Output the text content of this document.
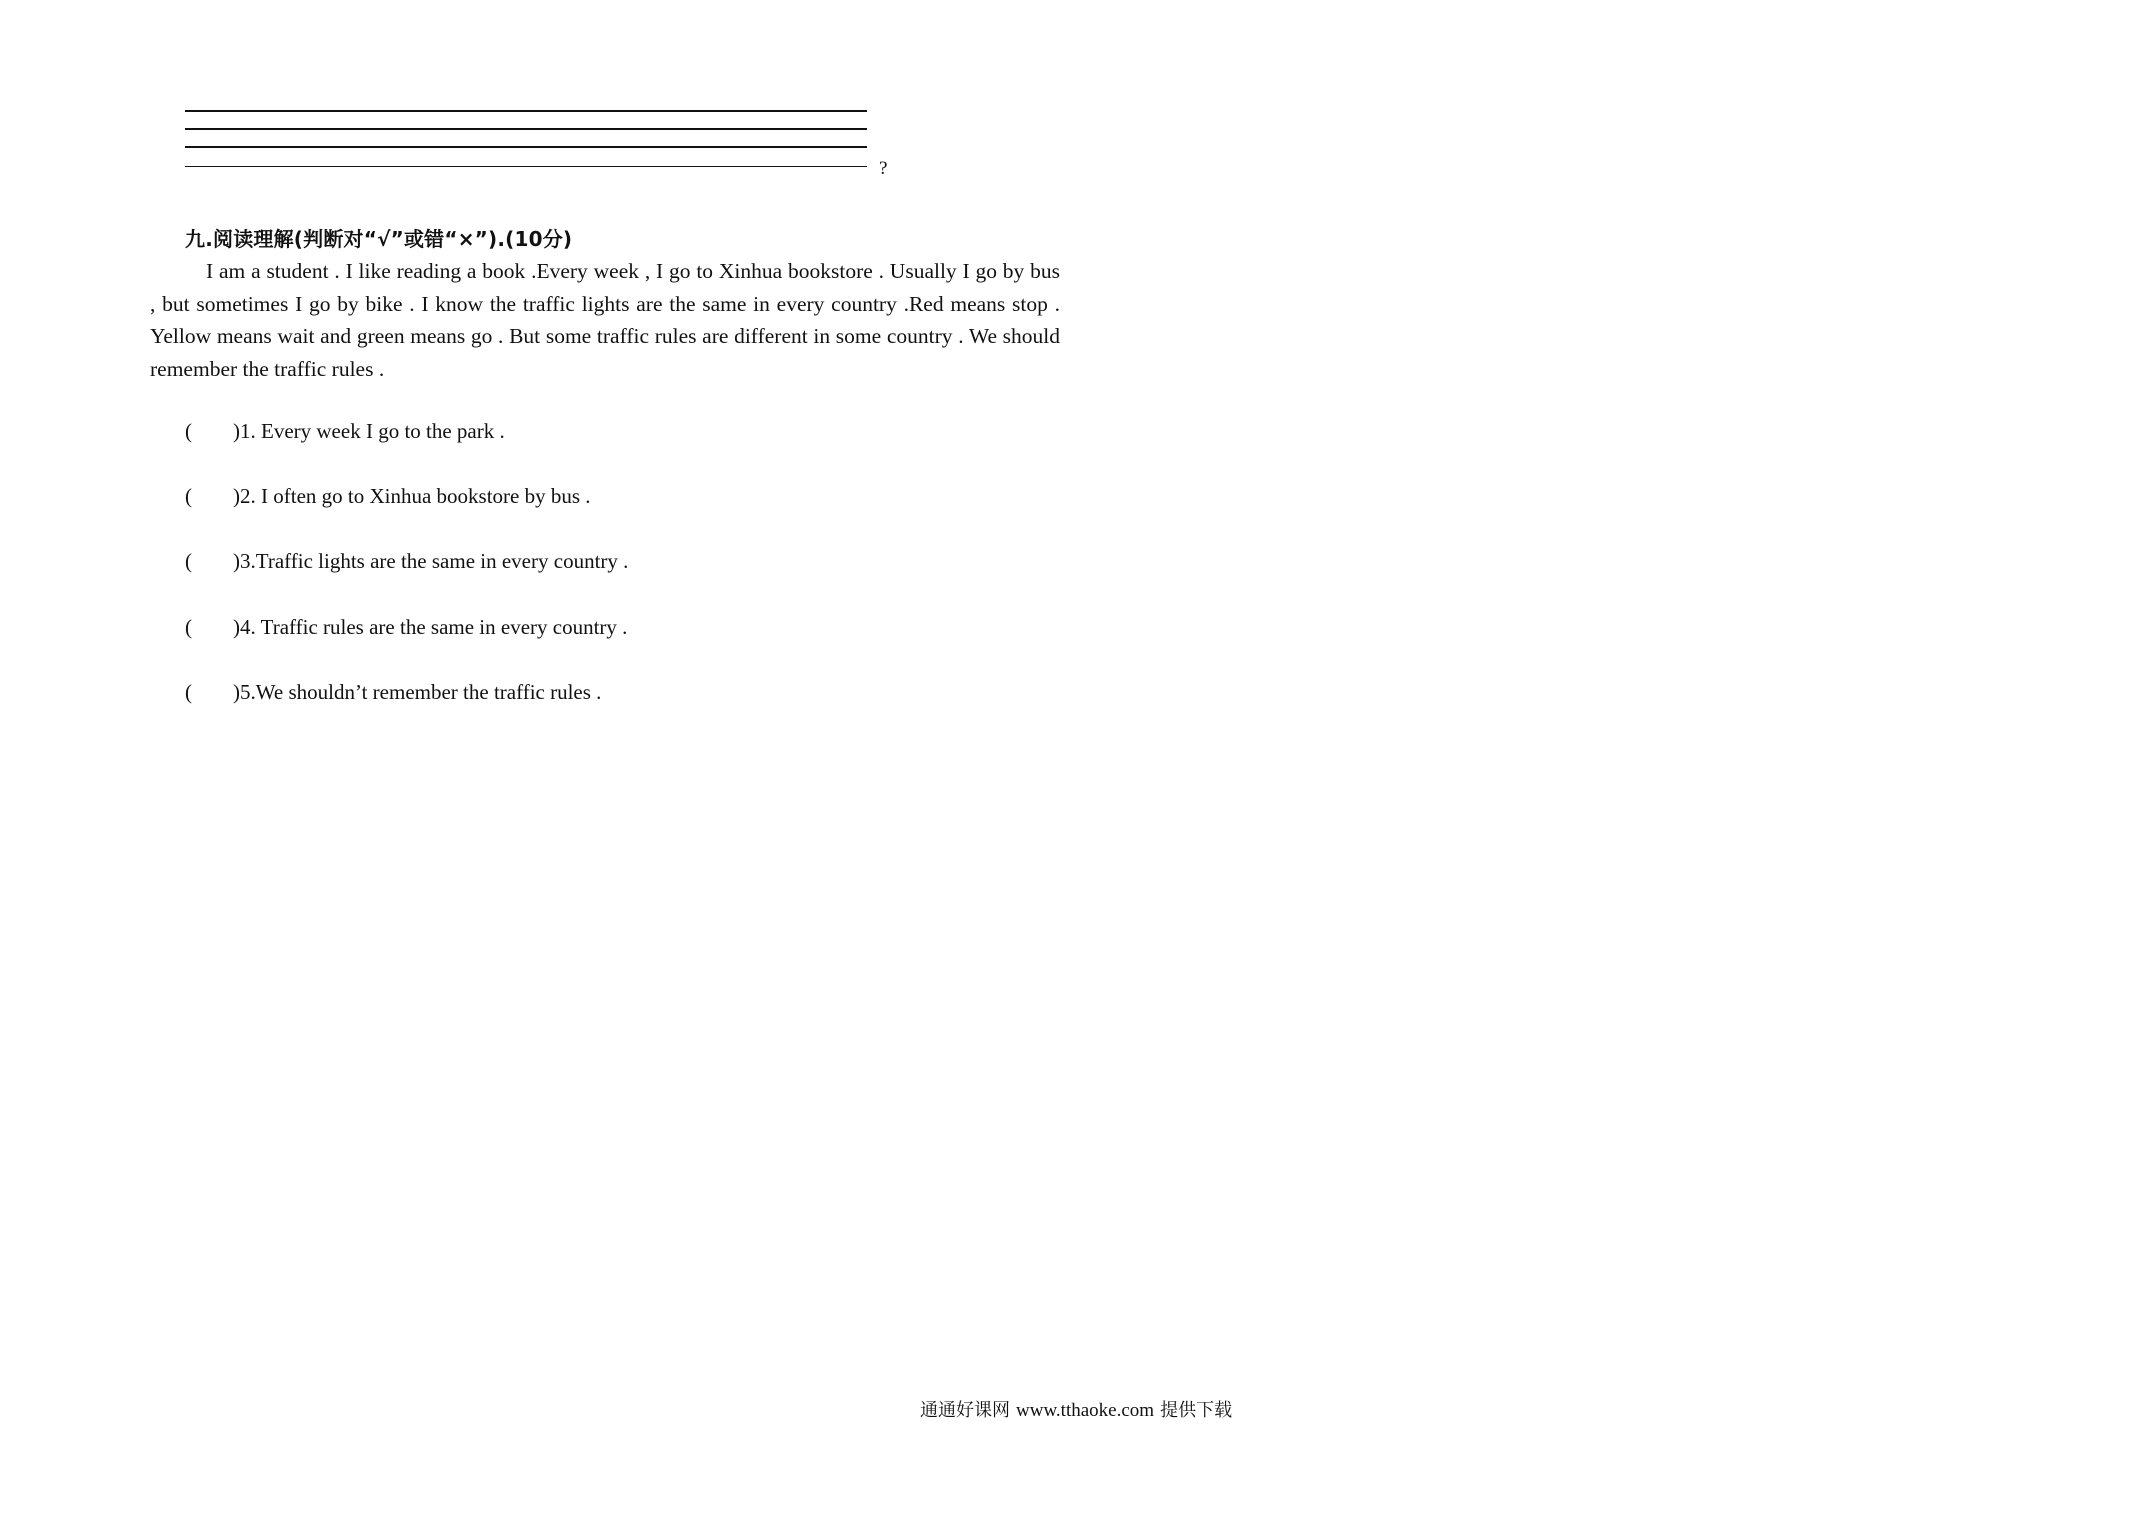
?
九.阅读理解(判断对“√”或错“×”).(10分)

I am a student . I like reading a book .Every week , I go to Xinhua bookstore . Usually I go by bus , but sometimes I go by bike . I know the traffic lights are the same in every country .Red means stop . Yellow means wait and green means go . But some traffic rules are different in some country . We should remember the traffic rules .

( ) 1. Every week I go to the park .
( ) 2. I often go to Xinhua bookstore by bus .
( ) 3.Traffic lights are the same in every country .
( ) 4. Traffic rules are the same in every country .
( ) 5.We shouldn’t remember the traffic rules .
通通好课网 www.tthaoke.com 提供下载
